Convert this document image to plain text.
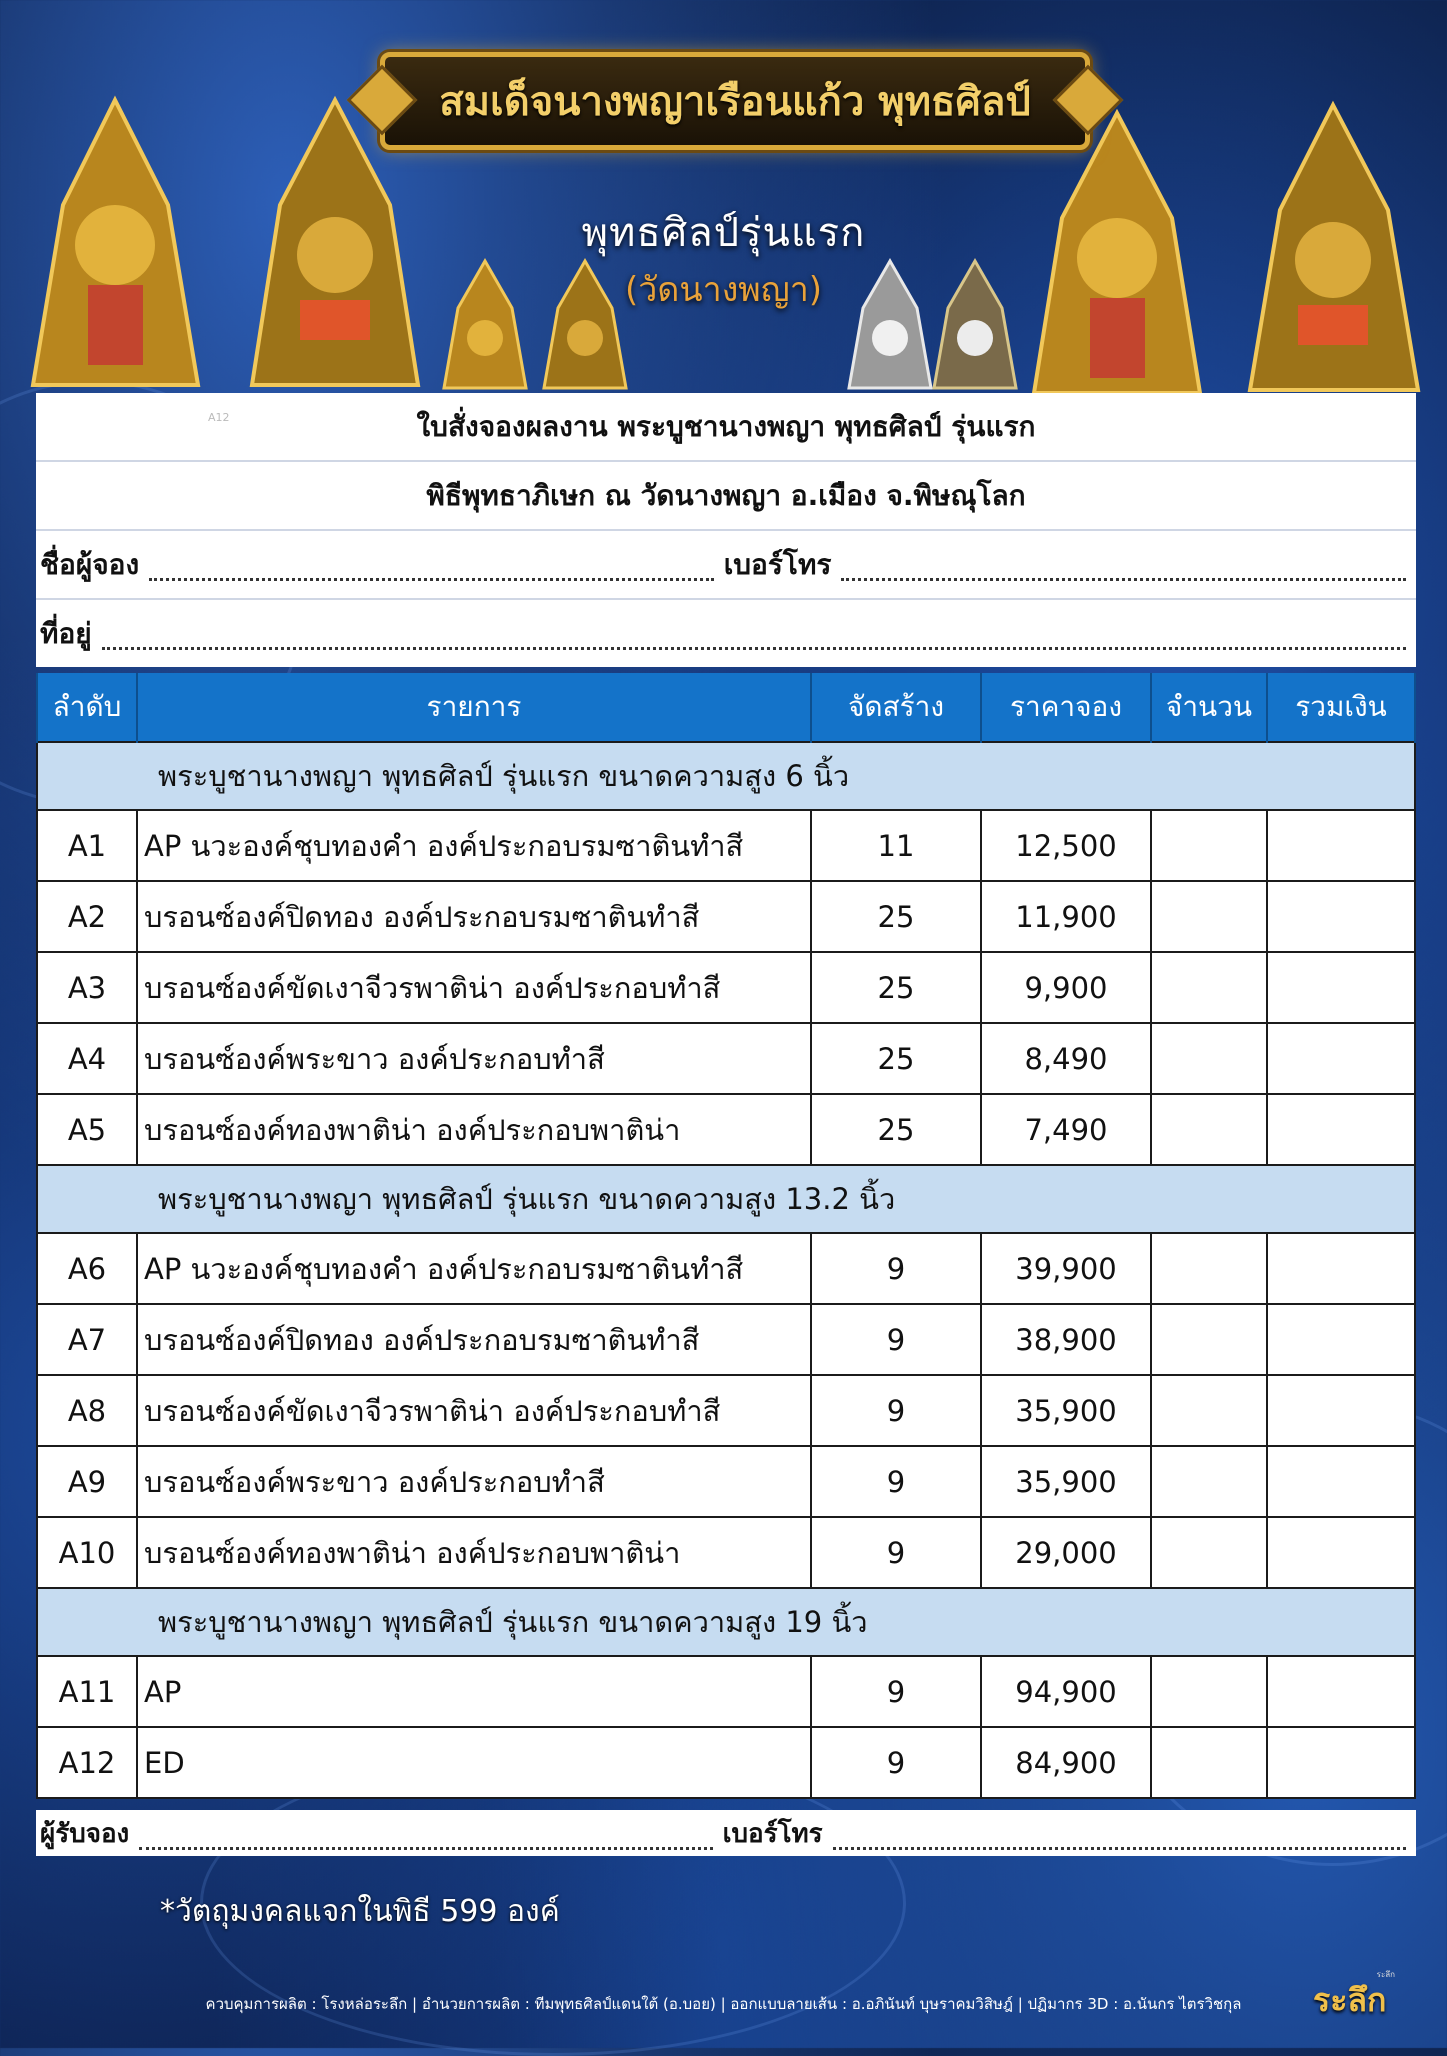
สมเด็จนางพญาเรือนแก้ว พุทธศิลป์
พุทธศิลป์รุ่นแรก
(วัดนางพญา)
A12	ใบสั่งจองผลงาน พระบูชานางพญา พุทธศิลป์ รุ่นแรก
พิธีพุทธาภิเษก ณ วัดนางพญา อ.เมือง จ.พิษณุโลก
ชื่อผู้จอง	เบอร์โทร
ที่อยู่
ลำดับ	รายการ	จัดสร้าง	ราคาจอง	จำนวน	รวมเงิน
พระบูชานางพญา พุทธศิลป์ รุ่นแรก ขนาดความสูง 6 นิ้ว					
A1	AP นวะองค์ชุบทองคำ องค์ประกอบรมซาตินทำสี	11	12,500		
A2	บรอนซ์องค์ปิดทอง องค์ประกอบรมซาตินทำสี	25	11,900		
A3	บรอนซ์องค์ขัดเงาจีวรพาติน่า องค์ประกอบทำสี	25	9,900		
A4	บรอนซ์องค์พระขาว องค์ประกอบทำสี	25	8,490		
A5	บรอนซ์องค์ทองพาติน่า องค์ประกอบพาติน่า	25	7,490		
พระบูชานางพญา พุทธศิลป์ รุ่นแรก ขนาดความสูง 13.2 นิ้ว					
A6	AP นวะองค์ชุบทองคำ องค์ประกอบรมซาตินทำสี	9	39,900		
A7	บรอนซ์องค์ปิดทอง องค์ประกอบรมซาตินทำสี	9	38,900		
A8	บรอนซ์องค์ขัดเงาจีวรพาติน่า องค์ประกอบทำสี	9	35,900		
A9	บรอนซ์องค์พระขาว องค์ประกอบทำสี	9	35,900		
A10	บรอนซ์องค์ทองพาติน่า องค์ประกอบพาติน่า	9	29,000		
พระบูชานางพญา พุทธศิลป์ รุ่นแรก ขนาดความสูง 19 นิ้ว					
A11	AP	9	94,900		
A12	ED	9	84,900		
ผู้รับจอง	เบอร์โทร
*วัตถุมงคลแจกในพิธี 599 องค์
ควบคุมการผลิต : โรงหล่อระลึก | อำนวยการผลิต : ทีมพุทธศิลป์แดนใต้ (อ.บอย) | ออกแบบลายเส้น : อ.อภินันท์ บุษราคมวิสิษฎ์ | ปฏิมากร 3D : อ.นันกร ไตรวิชกุล
ระลึก
ระลึก
